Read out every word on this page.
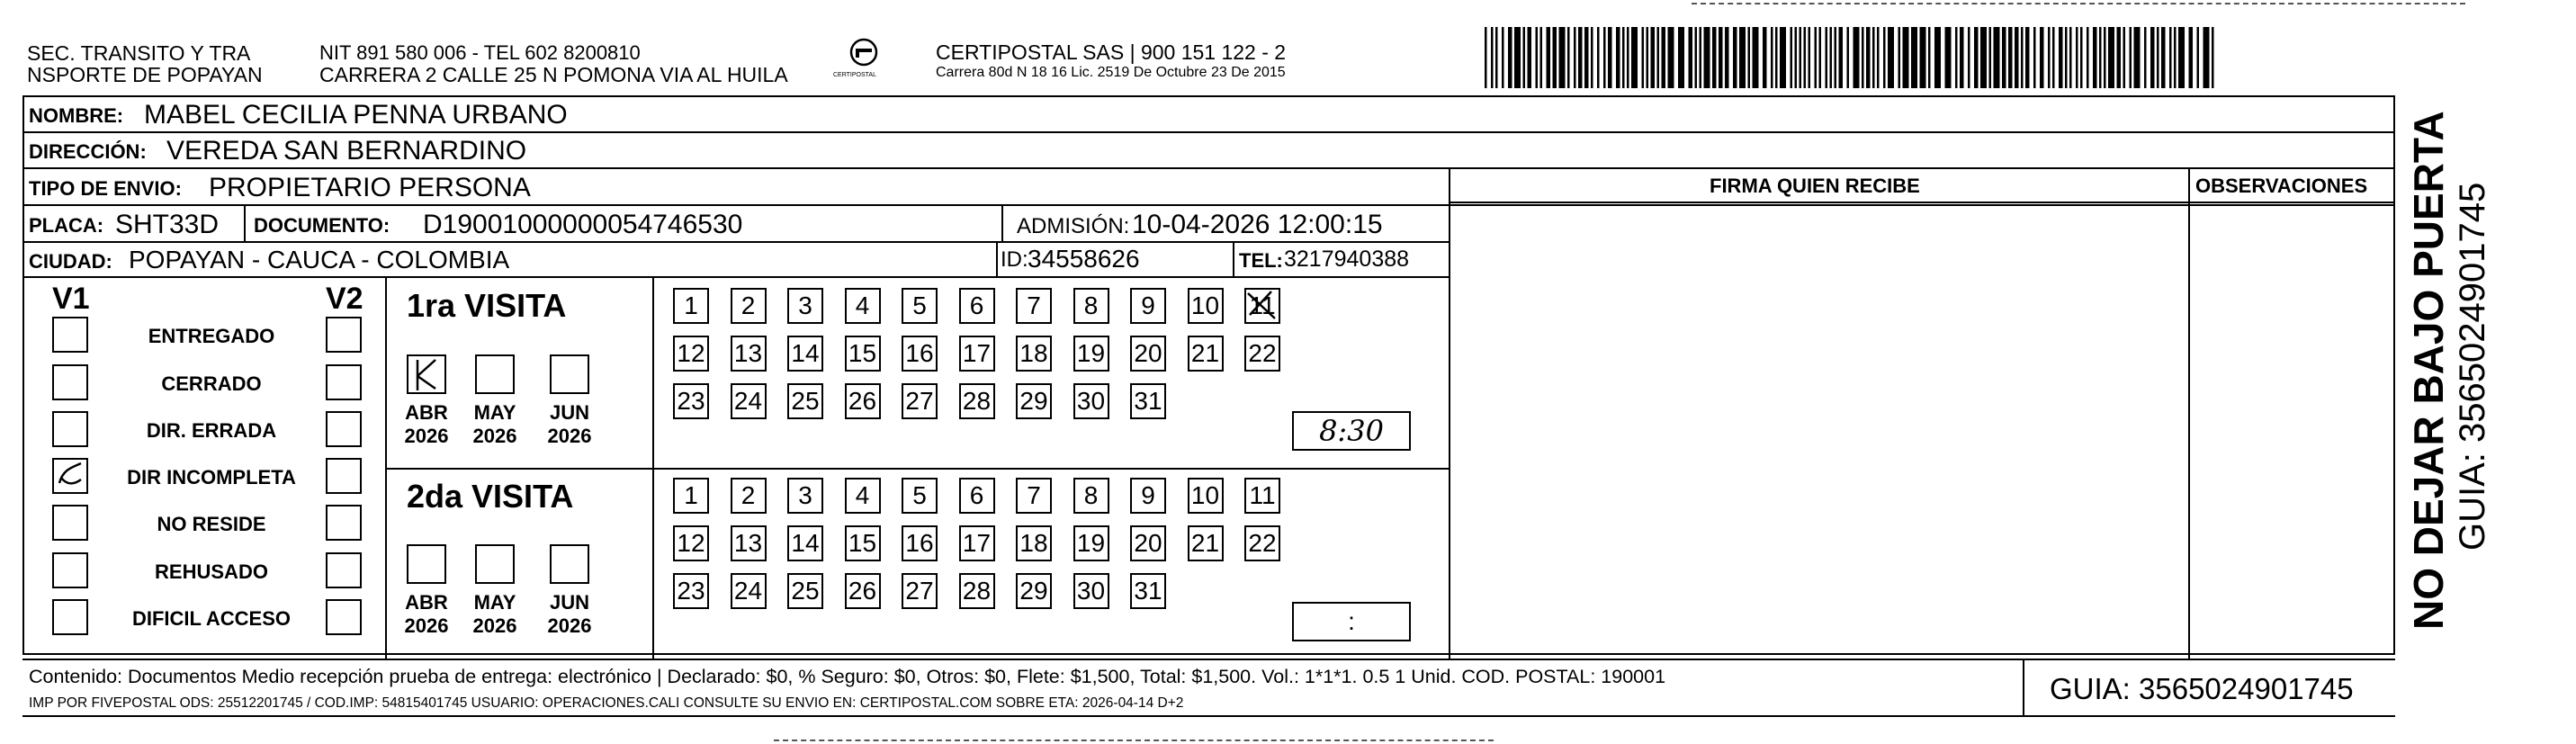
SEC. TRANSITO Y TRA
NSPORTE DE POPAYAN
NIT 891 580 006 - TEL 602 8200810
CARRERA 2 CALLE 25 N POMONA VIA AL HUILA	CERTIPOSTAL
CERTIPOSTAL SAS | 900 151 122 - 2
Carrera 80d N 18 16 Lic. 2519 De Octubre 23 De 2015
FIRMA QUIEN RECIBE	OBSERVACIONES
NOMBRE: MABEL CECILIA PENNA URBANO
DIRECCIÓN: VEREDA SAN BERNARDINO
TIPO DE ENVIO: PROPIETARIO PERSONA
PLACA: SHT33D DOCUMENTO: D19001000000054746530	ADMISIÓN: 10-04-2026 12:00:15
CIUDAD: POPAYAN - CAUCA - COLOMBIA	ID: 34558626	TEL: 3217940388
V1	V2
ENTREGADO
CERRADO
DIR. ERRADA
DIR INCOMPLETA
NO RESIDE
REHUSADO
DIFICIL ACCESO
1ra VISITA
ABR
2026
MAY
2026
JUN
2026
1 2 3 4 5 6 7 8 9 10 11
12 13 14 15 16 17 18 19 20 21 22
23 24 25 26 27 28 29 30 31
8:30
2da VISITA
ABR
2026
MAY
2026
JUN
2026
1 2 3 4 5 6 7 8 9 10 11
12 13 14 15 16 17 18 19 20 21 22
23 24 25 26 27 28 29 30 31
:
Contenido: Documentos Medio recepción prueba de entrega: electrónico | Declarado: $0, % Seguro: $0, Otros: $0, Flete: $1,500, Total: $1,500. Vol.: 1*1*1. 0.5 1 Unid. COD. POSTAL: 190001
IMP POR FIVEPOSTAL ODS: 25512201745 / COD.IMP: 54815401745 USUARIO: OPERACIONES.CALI CONSULTE SU ENVIO EN: CERTIPOSTAL.COM SOBRE ETA: 2026-04-14 D+2	GUIA: 3565024901745
NO DEJAR BAJO PUERTA GUIA: 3565024901745
